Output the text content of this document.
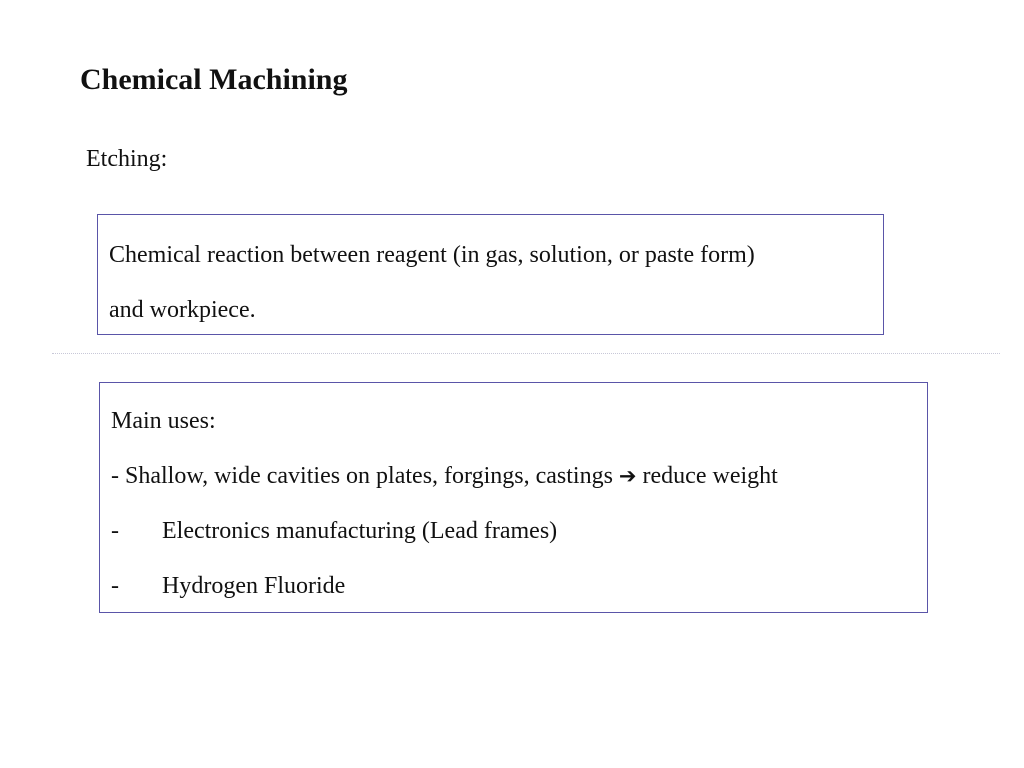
Chemical Machining
Etching:

Chemical reaction between reagent (in gas, solution, or paste form)

and workpiece.

Main uses:
- Shallow, wide cavities on plates, forgings, castings ➔ reduce weight
-	Electronics manufacturing (Lead frames)
-	Hydrogen Fluoride
